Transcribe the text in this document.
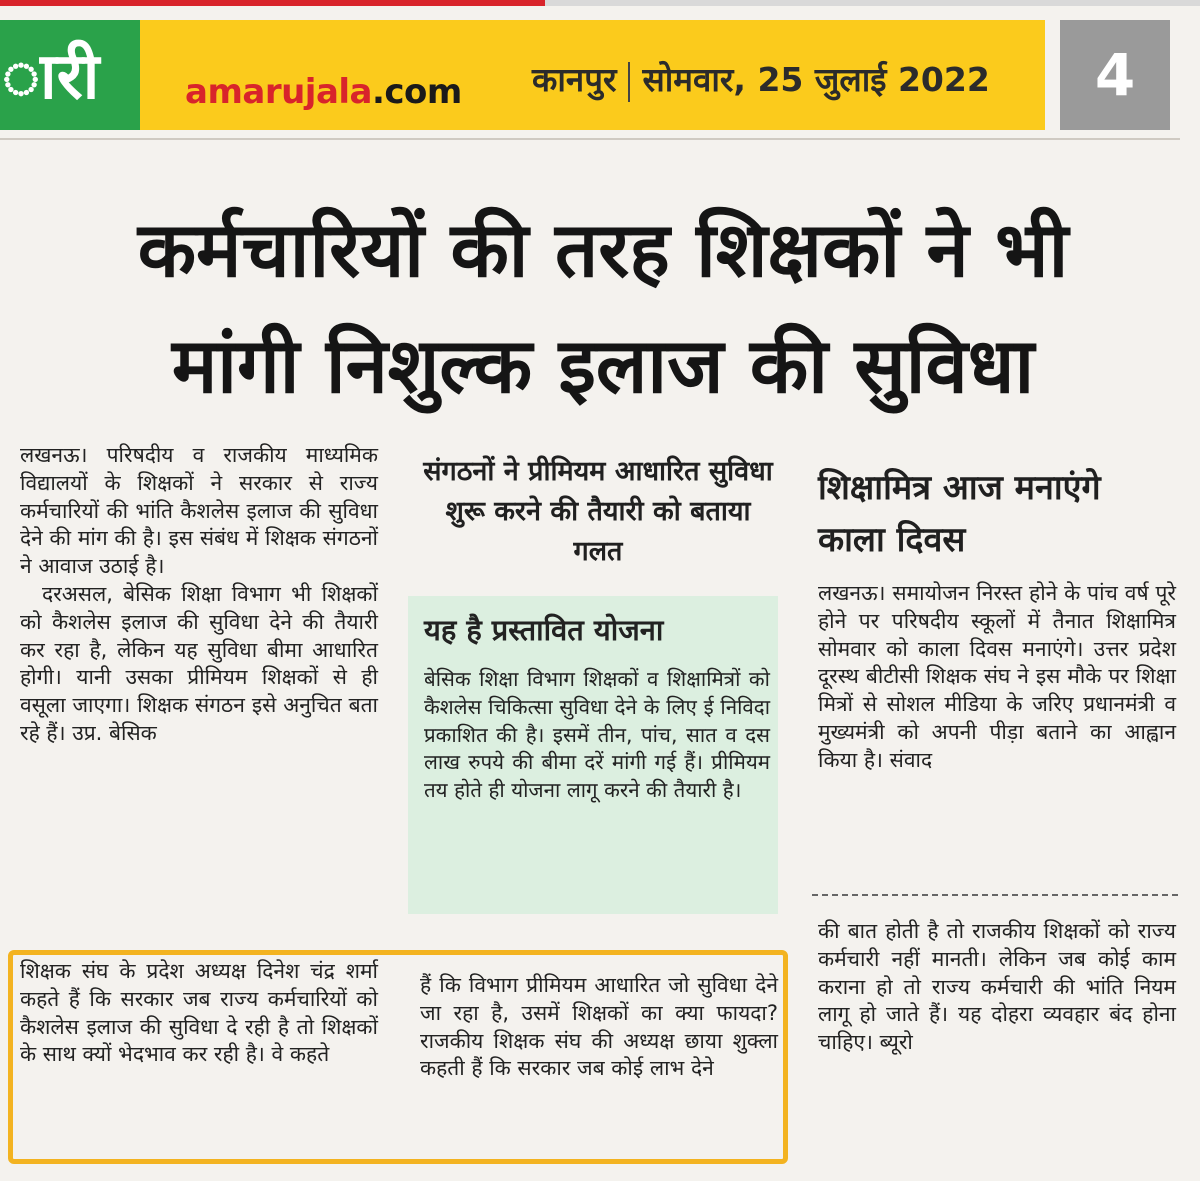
ारी	amarujala.com कानपुर सोमवार, 25 जुलाई 2022	4
कर्मचारियों की तरह शिक्षकों ने भी
मांगी निशुल्क इलाज की सुविधा

लखनऊ। परिषदीय व राजकीय माध्यमिक विद्यालयों के शिक्षकों ने सरकार से राज्य कर्मचारियों की भांति कैशलेस इलाज की सुविधा देने की मांग की है। इस संबंध में शिक्षक संगठनों ने आवाज उठाई है।

दरअसल, बेसिक शिक्षा विभाग भी शिक्षकों को कैशलेस इलाज की सुविधा देने की तैयारी कर रहा है, लेकिन यह सुविधा बीमा आधारित होगी। यानी उसका प्रीमियम शिक्षकों से ही वसूला जाएगा। शिक्षक संगठन इसे अनुचित बता रहे हैं। उप्र. बेसिक

संगठनों ने प्रीमियम आधारित सुविधा शुरू करने की तैयारी को बताया गलत
यह है प्रस्तावित योजना

बेसिक शिक्षा विभाग शिक्षकों व शिक्षामित्रों को कैशलेस चिकित्सा सुविधा देने के लिए ई निविदा प्रकाशित की है। इसमें तीन, पांच, सात व दस लाख रुपये की बीमा दरें मांगी गई हैं। प्रीमियम तय होते ही योजना लागू करने की तैयारी है।

शिक्षामित्र आज मनाएंगे काला दिवस

लखनऊ। समायोजन निरस्त होने के पांच वर्ष पूरे होने पर परिषदीय स्कूलों में तैनात शिक्षामित्र सोमवार को काला दिवस मनाएंगे। उत्तर प्रदेश दूरस्थ बीटीसी शिक्षक संघ ने इस मौके पर शिक्षा मित्रों से सोशल मीडिया के जरिए प्रधानमंत्री व मुख्यमंत्री को अपनी पीड़ा बताने का आह्वान किया है। संवाद

की बात होती है तो राजकीय शिक्षकों को राज्य कर्मचारी नहीं मानती। लेकिन जब कोई काम कराना हो तो राज्य कर्मचारी की भांति नियम लागू हो जाते हैं। यह दोहरा व्यवहार बंद होना चाहिए। ब्यूरो

शिक्षक संघ के प्रदेश अध्यक्ष दिनेश चंद्र शर्मा कहते हैं कि सरकार जब राज्य कर्मचारियों को कैशलेस इलाज की सुविधा दे रही है तो शिक्षकों के साथ क्यों भेदभाव कर रही है। वे कहते

हैं कि विभाग प्रीमियम आधारित जो सुविधा देने जा रहा है, उसमें शिक्षकों का क्या फायदा? राजकीय शिक्षक संघ की अध्यक्ष छाया शुक्ला कहती हैं कि सरकार जब कोई लाभ देने
